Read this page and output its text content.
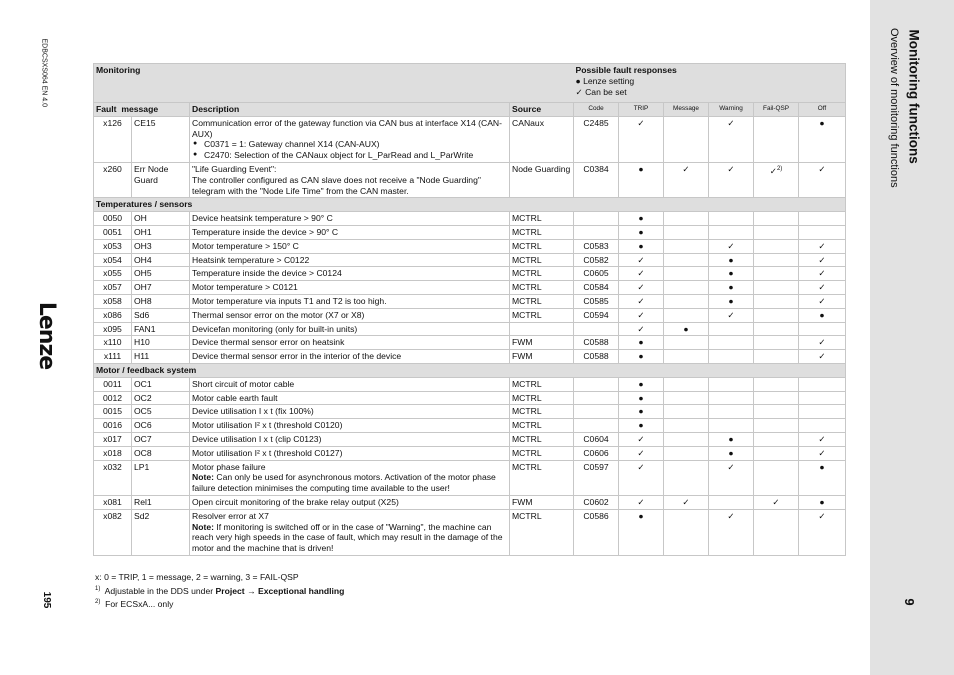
9
Monitoring functions
Overview of monitoring functions
EDBCSXS064 EN 4.0
Lenze
195
Monitoring				Possible fault responses
● Lenze setting
✓ Can be set					

Fault message		Description	Source	Code	TRIP	Message	Warning	Fail-QSP	Off
x126	CE15	Communication error of the gateway function via CAN bus at interface X14 (CAN-AUX)
● C0371 = 1: Gateway channel X14 (CAN-AUX)
● C2470: Selection of the CANaux object for L_ParRead and L_ParWrite	CANaux	C2485	✓		✓		●
x260	Err Node Guard	"Life Guarding Event":
The controller configured as CAN slave does not receive a "Node Guarding" telegram with the "Node Life Time" from the CAN master.	Node Guarding	C0384	●	✓	✓	✓$^{2)}$	✓
Temperatures / sensors									
0050	OH	Device heatsink temperature > 90° C	MCTRL		●				
0051	OH1	Temperature inside the device > 90° C	MCTRL		●				
x053	OH3	Motor temperature > 150° C	MCTRL	C0583	●		✓		✓
x054	OH4	Heatsink temperature > C0122	MCTRL	C0582	✓		●		✓
x055	OH5	Temperature inside the device > C0124	MCTRL	C0605	✓		●		✓
x057	OH7	Motor temperature > C0121	MCTRL	C0584	✓		●		✓
x058	OH8	Motor temperature via inputs T1 and T2 is too high.	MCTRL	C0585	✓		●		✓
x086	Sd6	Thermal sensor error on the motor (X7 or X8)	MCTRL	C0594	✓		✓		●
x095	FAN1	Devicefan monitoring (only for built-in units)			✓	●			
x110	H10	Device thermal sensor error on heatsink	FWM	C0588	●				✓
x111	H11	Device thermal sensor error in the interior of the device	FWM	C0588	●				✓
Motor / feedback system									
0011	OC1	Short circuit of motor cable	MCTRL		●				
0012	OC2	Motor cable earth fault	MCTRL		●				
0015	OC5	Device utilisation I x t (fix 100%)	MCTRL		●				
0016	OC6	Motor utilisation I² x t (threshold C0120)	MCTRL		●				
x017	OC7	Device utilisation I x t (clip C0123)	MCTRL	C0604	✓		●		✓
x018	OC8	Motor utilisation I² x t (threshold C0127)	MCTRL	C0606	✓		●		✓
x032	LP1	Motor phase failure
Note: Can only be used for asynchronous motors. Activation of the motor phase failure detection minimises the computing time available to the user!	MCTRL	C0597	✓		✓		●
x081	Rel1	Open circuit monitoring of the brake relay output (X25)	FWM	C0602	✓	✓		✓	●
x082	Sd2	Resolver error at X7
Note: If monitoring is switched off or in the case of "Warning", the machine can reach very high speeds in the case of fault, which may result in the damage of the motor and the machine that is driven!	MCTRL	C0586	●		✓		✓
x: 0 = TRIP, 1 = message, 2 = warning, 3 = FAIL-QSP
$^{1)}$ Adjustable in the DDS under Project → Exceptional handling
$^{2)}$ For ECSxA... only
